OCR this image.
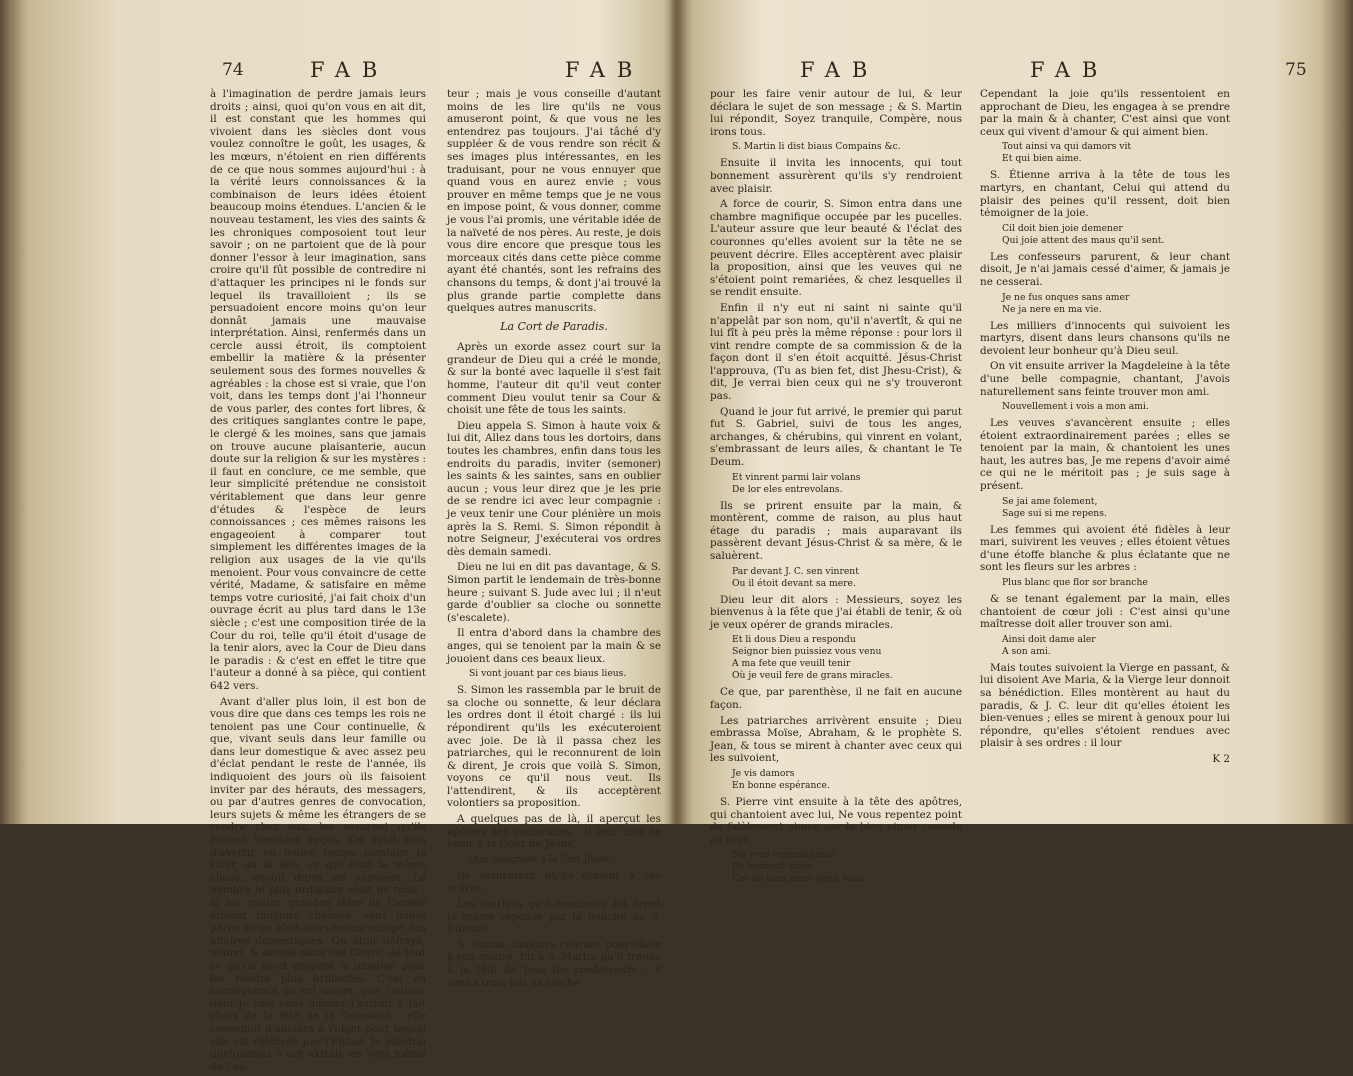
74	FAB	FAB

à l'imagination de perdre jamais leurs droits ; ainsi, quoi qu'on vous en ait dit, il est constant que les hommes qui vivoient dans les siècles dont vous voulez connoître le goût, les usages, & les mœurs, n'étoient en rien différents de ce que nous sommes aujourd'hui : à la vérité leurs connoissances & la combinaison de leurs idées étoient beaucoup moins étendues. L'ancien & le nouveau testament, les vies des saints & les chroniques composoient tout leur savoir ; on ne partoient que de là pour donner l'essor à leur imagination, sans croire qu'il fût possible de contredire ni d'attaquer les principes ni le fonds sur lequel ils travailloient ; ils se persuadoient encore moins qu'on leur donnât jamais une mauvaise interprétation. Ainsi, renfermés dans un cercle aussi étroit, ils comptoient embellir la matière & la présenter seulement sous des formes nouvelles & agréables : la chose est si vraie, que l'on voit, dans les temps dont j'ai l'honneur de vous parler, des contes fort libres, & des critiques sanglantes contre le pape, le clergé & les moines, sans que jamais on trouve aucune plaisanterie, aucun doute sur la religion & sur les mystères : il faut en conclure, ce me semble, que leur simplicité prétendue ne consistoit véritablement que dans leur genre d'études & l'espèce de leurs connoissances ; ces mêmes raisons les engageoient à comparer tout simplement les différentes images de la religion aux usages de la vie qu'ils menoient. Pour vous convaincre de cette vérité, Madame, & satisfaire en même temps votre curiosité, j'ai fait choix d'un ouvrage écrit au plus tard dans le 13e siècle ; c'est une composition tirée de la Cour du roi, telle qu'il étoit d'usage de la tenir alors, avec la Cour de Dieu dans le paradis : & c'est en effet le titre que l'auteur a donné à sa pièce, qui contient 642 vers.

Avant d'aller plus loin, il est bon de vous dire que dans ces temps les rois ne tenoient pas une Cour continuelle, & que, vivant seuls dans leur famille ou dans leur domestique & avec assez peu d'éclat pendant le reste de l'année, ils indiquoient des jours où ils faisoient inviter par des hérauts, des messagers, ou par d'autres genres de convocation, leurs sujets & même les étrangers de se rendre chez eux, les assurant qu'ils étoient très-bien reçus. On avoit soin d'avertir en même temps combien la Cour, ou la fête, ce qui étoit la même chose, devoit durer de journées. Le nombre le plus ordinaire étoit de trois ; & les quatre grandes fêtes de l'année étoient toujours choisies, sans doute parce qu'on étoit alors moins occupé des affaires domestiques. On étoit défrayé, nourri, & amusé dans ces Cours, de tout ce qu'on avoit préparé & imaginé pour les rendre plus brillantes. C'est en conséquence de cet usage, que l'auteur dont je vais vous donner l'extrait a fait choix de la fête de la Toussaint ; elle convenoit d'ailleurs à l'objet pour lequel elle est célébrée par l'Église. Je joindrai quelquefois à cet extrait les vers même de l'au-

teur ; mais je vous conseille d'autant moins de les lire qu'ils ne vous amuseront point, & que vous ne les entendrez pas toujours. J'ai tâché d'y suppléer & de vous rendre son récit & ses images plus intéressantes, en les traduisant, pour ne vous ennuyer que quand vous en aurez envie ; vous prouver en même temps que je ne vous en impose point, & vous donner, comme je vous l'ai promis, une véritable idée de la naïveté de nos pères. Au reste, je dois vous dire encore que presque tous les morceaux cités dans cette pièce comme ayant été chantés, sont les refrains des chansons du temps, & dont j'ai trouvé la plus grande partie complette dans quelques autres manuscrits.

La Cort de Paradis.

Après un exorde assez court sur la grandeur de Dieu qui a créé le monde, & sur la bonté avec laquelle il s'est fait homme, l'auteur dit qu'il veut conter comment Dieu voulut tenir sa Cour & choisit une fête de tous les saints.

Dieu appela S. Simon à haute voix & lui dit, Allez dans tous les dortoirs, dans toutes les chambres, enfin dans tous les endroits du paradis, inviter (semoner) les saints & les saintes, sans en oublier aucun ; vous leur direz que je les prie de se rendre ici avec leur compagnie : je veux tenir une Cour plénière un mois après la S. Remi. S. Simon répondit à notre Seigneur, J'exécuterai vos ordres dès demain samedi.

Dieu ne lui en dit pas davantage, & S. Simon partit le lendemain de très-bonne heure ; suivant S. Jude avec lui ; il n'eut garde d'oublier sa cloche ou sonnette (s'escalete).

Il entra d'abord dans la chambre des anges, qui se tenoient par la main & se jouoient dans ces beaux lieux.

Si vont jouant par ces biaus lieus.

S. Simon les rassembla par le bruit de sa cloche ou sonnette, & leur déclara les ordres dont il étoit chargé : ils lui répondirent qu'ils les exécuteroient avec joie. De là il passa chez les patriarches, qui le reconnurent de loin & dirent, Je crois que voilà S. Simon, voyons ce qu'il nous veut. Ils l'attendirent, & ils acceptèrent volontiers sa proposition.

A quelques pas de là, il aperçut les apôtres ses camarades ; il leur cria de venir à la Cour de Jésus.

Quii viengnent à la Cort Jhesu.

Ils assurèrent qu'ils étoient à ses ordres.

Les martyrs qu'il rencontra lui firent la même réponse par la bouche de S. Étienne.

S. Simon, toujours courant pour obéir à son maître, fut à S. Martin qu'il trouva à la tête de tous les confesseurs ; il sonna trois fois sa cloche

FAB	FAB	75

pour les faire venir autour de lui, & leur déclara le sujet de son message ; & S. Martin lui répondit, Soyez tranquile, Compère, nous irons tous.

S. Martin li dist biaus Compains &c.

Ensuite il invita les innocents, qui tout bonnement assurèrent qu'ils s'y rendroient avec plaisir.

A force de courir, S. Simon entra dans une chambre magnifique occupée par les pucelles. L'auteur assure que leur beauté & l'éclat des couronnes qu'elles avoient sur la tête ne se peuvent décrire. Elles acceptèrent avec plaisir la proposition, ainsi que les veuves qui ne s'étoient point remariées, & chez lesquelles il se rendit ensuite.

Enfin il n'y eut ni saint ni sainte qu'il n'appelât par son nom, qu'il n'avertît, & qui ne lui fît à peu près la même réponse : pour lors il vint rendre compte de sa commission & de la façon dont il s'en étoit acquitté. Jésus-Christ l'approuva, (Tu as bien fet, dist Jhesu-Crist), & dit, Je verrai bien ceux qui ne s'y trouveront pas.

Quand le jour fut arrivé, le premier qui parut fut S. Gabriel, suivi de tous les anges, archanges, & chérubins, qui vinrent en volant, s'embrassant de leurs ailes, & chantant le Te Deum.

Et vinrent parmi lair volans
De lor eles entrevolans.

Ils se prirent ensuite par la main, & montèrent, comme de raison, au plus haut étage du paradis ; mais auparavant ils passèrent devant Jésus-Christ & sa mère, & le saluèrent.

Par devant J. C. sen vinrent
Ou il étoit devant sa mere.

Dieu leur dit alors : Messieurs, soyez les bienvenus à la fête que j'ai établi de tenir, & où je veux opérer de grands miracles.

Et li dous Dieu a respondu
Seignor bien puissiez vous venu
A ma fete que veuill tenir
Où je veuil fere de grans miracles.

Ce que, par parenthèse, il ne fait en aucune façon.

Les patriarches arrivèrent ensuite ; Dieu embrassa Moïse, Abraham, & le prophète S. Jean, & tous se mirent à chanter avec ceux qui les suivoient,

Je vis damors
En bonne espérance.

S. Pierre vint ensuite à la tête des apôtres, qui chantoient avec lui, Ne vous repentez point de fidèlement aimer, car le bien aimer console de tous.

Ne vous repentez mie
De loument amer
Car de bien amer vient solaz.

Cependant la joie qu'ils ressentoient en approchant de Dieu, les engagea à se prendre par la main & à chanter, C'est ainsi que vont ceux qui vivent d'amour & qui aiment bien.

Tout ainsi va qui damors vit
Et qui bien aime.

S. Étienne arriva à la tête de tous les martyrs, en chantant, Celui qui attend du plaisir des peines qu'il ressent, doit bien témoigner de la joie.

Cil doit bien joie demener
Qui joie attent des maus qu'il sent.

Les confesseurs parurent, & leur chant disoit, Je n'ai jamais cessé d'aimer, & jamais je ne cesserai.

Je ne fus onques sans amer
Ne ja nere en ma vie.

Les milliers d'innocents qui suivoient les martyrs, disent dans leurs chansons qu'ils ne devoient leur bonheur qu'à Dieu seul.

On vit ensuite arriver la Magdeleine à la tête d'une belle compagnie, chantant, J'avois naturellement sans feinte trouver mon ami.

Nouvellement i vois a mon ami.

Les veuves s'avancèrent ensuite ; elles étoient extraordinairement parées ; elles se tenoient par la main, & chantoient les unes haut, les autres bas, Je me repens d'avoir aimé ce qui ne le méritoit pas ; je suis sage à présent.

Se jai ame folement,
Sage sui si me repens.

Les femmes qui avoient été fidèles à leur mari, suivirent les veuves ; elles étoient vêtues d'une étoffe blanche & plus éclatante que ne sont les fleurs sur les arbres :

Plus blanc que flor sor branche

& se tenant également par la main, elles chantoient de cœur joli : C'est ainsi qu'une maîtresse doit aller trouver son ami.

Ainsi doit dame aler
A son ami.

Mais toutes suivoient la Vierge en passant, & lui disoient Ave Maria, & la Vierge leur donnoit sa bénédiction. Elles montèrent au haut du paradis, & J. C. leur dit qu'elles étoient les bien-venues ; elles se mirent à genoux pour lui répondre, qu'elles s'étoient rendues avec plaisir à ses ordres : il lour

K 2
